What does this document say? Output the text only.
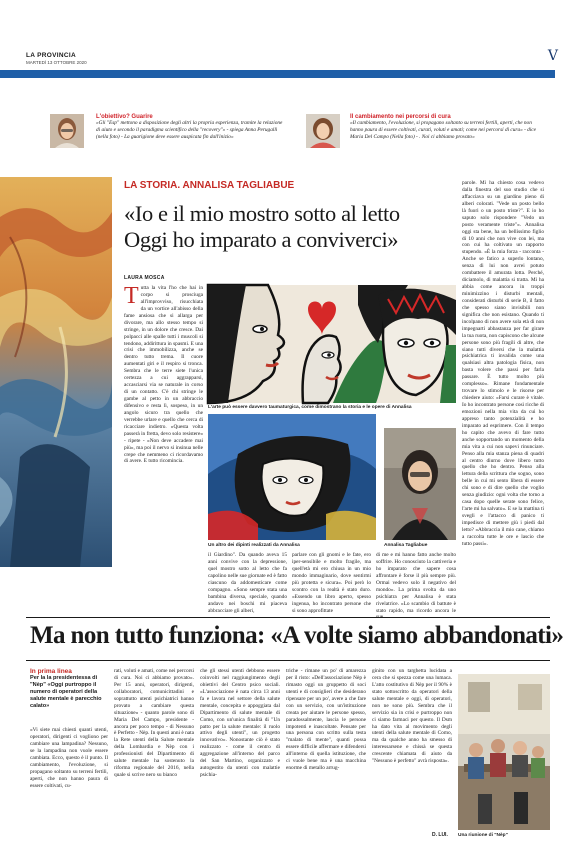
LA PROVINCIA
MARTEDÌ 13 OTTOBRE 2020	V
L'obiettivo? Guarire
«Gli "Esp" mettono a disposizione degli altri la propria esperienza, tramite la relazione di aiuto e secondo il paradigma scientifico della "recovery"» - spiega Anna Perugalli (nella foto) - La guarigione deve essere auspicata fin dall'inizio»
Il cambiamento nei percorsi di cura
«Il cambiamento, l'evoluzione, si propagano soltanto su terreni fertili, aperti, che non hanno paura di essere coltivati, curati, voluti e amati; come nei percorsi di cura» - dice Maria Del Campo (Nella foto) - . Noi ci abbiamo provato»
LA STORIA. ANNALISA TAGLIABUE
«Io e il mio mostro sotto al letto
Oggi ho imparato a conviverci»
LAURA MOSCA
Tutta la vita l'ho che hai in corpo si prosciuga all'improvviso, risucchiata da un vortice all'abisso della fame ansiosa che si allarga per divorare, ma allo stesso tempo si stringe, in un dolore che cresce. Dai polpacci alle spalle tutti i muscoli si tendono, addirittura in spasmi. E una crisi che immobilizza, anche se dentro tutto trema. Il cuore aumentati giri e il respiro si tronca. Sembra che le terre siete l'unica certezza a cui aggrapparsi, accasciarsi via se naturale in corso di un contatto. C'è chi stringe le gambe al petto in un abbraccio difensivo e resta lì, sospeso, in un angolo sicuro tra quello che verrebbe urlare e quello che cerca di ricacciare indietro. «Questa volta passerà in fretta, devo solo resistere» - ripete - «Non deve accadere mai più», ma poi il nervo si insinua nelle crepe che nemmeno ci ricordavamo di avere. E tutto ricomincia.
L'arte può essere davvero taumaturgica, come dimostrano la storia e le opere di Annalisa
Un altro dei dipinti realizzati da Annalisa	Annalisa Tagliabue
il Giardino". Da quando aveva 15 anni convive con la depressione, quel mostro sotto al letto che fa capolino nelle sue giornate ed è fatto ciascuno da addomesticare come compagno. «Sono sempre stata una bambina diversa, speciale, quando andavo nei boschi mi piaceva abbracciare gli alberi,
parlare con gli gnomi e le fate, ero iper-sensibile e molto fragile, ma quell'età mi ero chiusa in un mio mondo immaginario, dove sentirmi più protetta e sicura». Poi però lo scontro con la realtà è stato duro. «Essendo un libro aperto, spesso ingenua, ho incontrato persone che si sono approfittate
di me e mi hanno fatto anche molto soffrire. Ho conosciuto la cattiveria e ho imparato che sapere cosa affrontare è forse il più sempre più. Ormai vedevo solo il negativo del mondo». La prima svolta da uno psichiatra per Annalisa è stata rivelatrice. «Lo scambio di battute è stato rapido, ma ricordo ancora le
parole. Mi ha chiesto cosa vedevo dalla finestra del suo studio che si affacciava su un giardino pieno di alberi colorati. "Vede un posto bello là fuori o un posto triste?". E io ho saputo solo rispondere "Vedo un posto veramente triste"». Annalisa oggi sta bene, ha un bellissimo figlio di 10 anni che non vive con lei, ma con cui ha coltivato un rapporto stupendo. «È la mia forza - racconta - Anche se fatico a superlo lontano, senza di lui non avrei potuto combattere il amurata lotta. Perché, diciamolo, di malattia si tratta. Mi ha abbia come ancora in troppi minimizzino i disturbi mentali, considerati disturbi di serie B, il fatto che spesso siano invisibili non significa che non esistano. Quando ti incolpano di non avere sola età di non impegnarti abbastanza per far girare la tua ruota, non capiscono che alcune persone sono più fragili di altre, che siano tutti diversi che la malattia psichiatrica ti invalida come una qualsiasi altra patologia fisica, non basta volere che passi per farla passare. È tutto molto più complesso». Rimane fondamentale trovare lo stimolo e le risorse per chiedere aiuto: «Farsi curare è vitale. Io ho incontrato persone così ricche di emozioni nella mia vita da cui ho appreso tanto potenzialità e ho imparato ad esprimere. Con il tempo ho capito che avevo di fare tutto anche sopportando un momento della mia vita a cui non sapevi rinunciare. Penso alla mia stanza piena di quadri al centro diurno dove libero tutto quello che ho dentro. Penso alla lettura della scrittura che sogno, sono belle in cui mi sento libera di essere chi sono e di dire quello che voglio senza giudizio: ogni volta che torno a casa dopo quelle serate sono felice, l'arte mi ha salvato». E se la mattina ti svegli e l'attacco di panico ti impedisce di mettere giù i piedi dal letto? «Abbraccia il mio cane, chiamo a raccolta tutte le ore e lascio che tutto passi».
Ma non tutto funziona: «A volte siamo abbandonati»
In prima linea
Per la la presidentessa di "Nèp" «Oggi purtroppo il numero di operatori della salute mentale è parecchio calato»
«Vi siete mai chiesti quanti utenti, operatori, dirigenti ci vogliono per cambiare una lampadina? Nessuno, se la lampadina non vuole essere cambiata. Ecco, questo è il punto. Il cambiamento, l'evoluzione, si propagano soltanto su terreni fertili, aperti, che non hanno paura di essere coltivati, cu-
rati, voluti e amati, come nei percorsi di cura. Noi ci abbiamo provato». Per 15 anni, operatori, dirigenti, collaboratori, comunicittadini e soprattutto utenti psichiatrici hanno provato a cambiare questa situazione» - quanto parole sono di Maria Del Campo, presidente - ancora per poco tempo - di Nessuno è Perfetto - Nèp. In questi anni è nata la Rete utenti della Salute mentale della Lombardia e Nèp con i professionisti del Dipartimento di salute mentale ha sostenuto la riforma regionale del 2016, nella quale si scrive nero su bianco
che gli stessi utenti debbono essere coinvolti nel raggiungimento degli obiettivi del Centro psico sociali. «L'associazione è nata circa 13 anni fa e lavora nel settore della salute mentale, concepita e appoggiata dal Dipartimento di salute mentale di Como, con un'unica finalità di "Un patto per la salute mentale: il ruolo attivo degli utenti", un progetto innovativo». Nonostante ciò è stato realizzato - come il centro di aggregazione all'interno del parco del San Martino, organizzato e autogestito da utenti con malattie psichia-
triche - rimane un po' di amarezza per il risto: «Dell'associazione Nèp è rimasto oggi un gruppetto di soci utenti e di consiglieri che desiderano ripensare per un po', avere a che fare con un servizio, con un'istituzione creata per aiutare le persone spesso, paradossalmente, lascia le persone impotenti e inascoltate. Pensate per una persona con scritto sulla testa "malato di mente", quanti possa essere difficile affermare e difendersi all'interno di quella istituzione, che ci vuole bene ma è una macchina enorme di metallo arrug-
ginito con un targhetta lucidata a cera che si spezza come una lumaca. L'atto costitutivo di Nèp per il 90% è stato sottoscritto da operatori della salute mentale e oggi, di operatori, non ne sono più. Sembra che il servizio sia in crisi e purtroppo non ci siamo farmaci per questo. Il Dsm ha dato vita al movimento degli utenti della salute mentale di Como, ma da qualche anno ha smesso di interessarsene e chissà se questa crescente chiamata di aiuto da "Nessuno è perfetto" avrà risposta».
D. LUI. Una riunione di "Nèp"
